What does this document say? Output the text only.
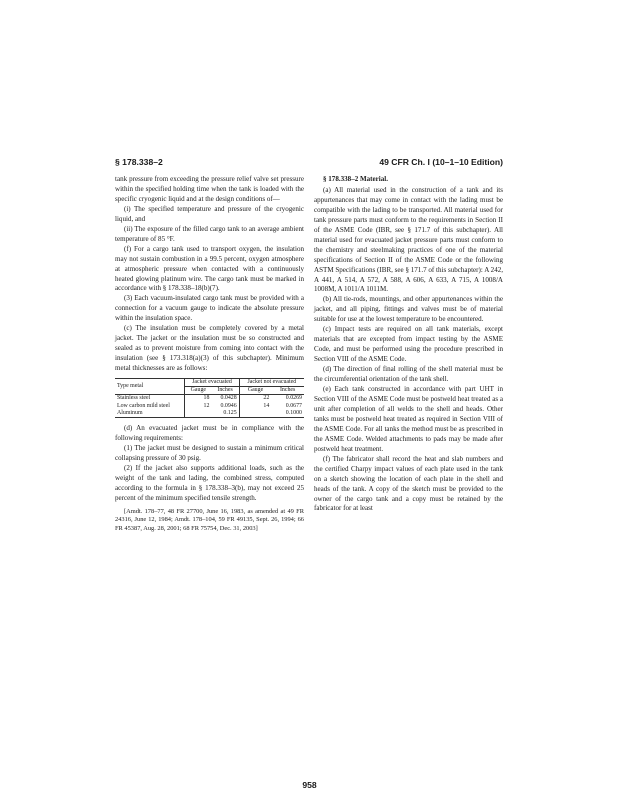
§ 178.338–2	49 CFR Ch. I (10–1–10 Edition)

tank pressure from exceeding the pressure relief valve set pressure within the specified holding time when the tank is loaded with the specific cryogenic liquid and at the design conditions of—

(i) The specified temperature and pressure of the cryogenic liquid, and

(ii) The exposure of the filled cargo tank to an average ambient temperature of 85 °F.

(f) For a cargo tank used to transport oxygen, the insulation may not sustain combustion in a 99.5 percent, oxygen atmosphere at atmospheric pressure when contacted with a continuously heated glowing platinum wire. The cargo tank must be marked in accordance with § 178.338–18(b)(7).

(3) Each vacuum-insulated cargo tank must be provided with a connection for a vacuum gauge to indicate the absolute pressure within the insulation space.

(c) The insulation must be completely covered by a metal jacket. The jacket or the insulation must be so constructed and sealed as to prevent moisture from coming into contact with the insulation (see § 173.318(a)(3) of this subchapter). Minimum metal thicknesses are as follows:

Type metal	Jacket evacuated		Jacket not evacuated	
	Gauge	Inches	Gauge	Inches
Stainless steel	18	0.0428	22	0.0269
Low carbon mild steel	12	0.0946	14	0.0677
Aluminum		0.125		0.1000

(d) An evacuated jacket must be in compliance with the following requirements:

(1) The jacket must be designed to sustain a minimum critical collapsing pressure of 30 psig.

(2) If the jacket also supports additional loads, such as the weight of the tank and lading, the combined stress, computed according to the formula in § 178.338–3(b), may not exceed 25 percent of the minimum specified tensile strength.

[Amdt. 178–77, 48 FR 27700, June 16, 1983, as amended at 49 FR 24316, June 12, 1984; Amdt. 178–104, 59 FR 49135, Sept. 26, 1994; 66 FR 45387, Aug. 28, 2001; 68 FR 75754, Dec. 31, 2003]

§ 178.338–2 Material.

(a) All material used in the construction of a tank and its appurtenances that may come in contact with the lading must be compatible with the lading to be transported. All material used for tank pressure parts must conform to the requirements in Section II of the ASME Code (IBR, see § 171.7 of this subchapter). All material used for evacuated jacket pressure parts must conform to the chemistry and steelmaking practices of one of the material specifications of Section II of the ASME Code or the following ASTM Specifications (IBR, see § 171.7 of this subchapter): A 242, A 441, A 514, A 572, A 588, A 606, A 633, A 715, A 1008/A 1008M, A 1011/A 1011M.

(b) All tie-rods, mountings, and other appurtenances within the jacket, and all piping, fittings and valves must be of material suitable for use at the lowest temperature to be encountered.

(c) Impact tests are required on all tank materials, except materials that are excepted from impact testing by the ASME Code, and must be performed using the procedure prescribed in Section VIII of the ASME Code.

(d) The direction of final rolling of the shell material must be the circumferential orientation of the tank shell.

(e) Each tank constructed in accordance with part UHT in Section VIII of the ASME Code must be postweld heat treated as a unit after completion of all welds to the shell and heads. Other tanks must be postweld heat treated as required in Section VIII of the ASME Code. For all tanks the method must be as prescribed in the ASME Code. Welded attachments to pads may be made after postweld heat treatment.

(f) The fabricator shall record the heat and slab numbers and the certified Charpy impact values of each plate used in the tank on a sketch showing the location of each plate in the shell and heads of the tank. A copy of the sketch must be provided to the owner of the cargo tank and a copy must be retained by the fabricator for at least

958
